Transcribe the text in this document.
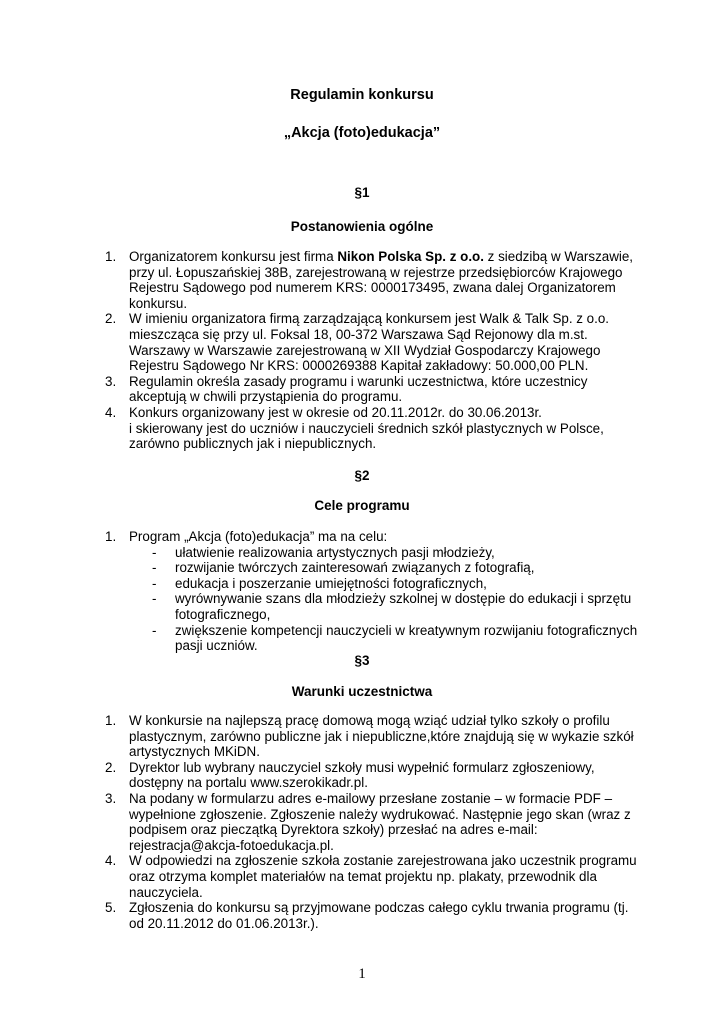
Regulamin konkursu
„Akcja (foto)edukacja”
§1
Postanowienia ogólne
1. Organizatorem konkursu jest firma Nikon Polska Sp. z o.o. z siedzibą w Warszawie,
przy ul. Łopuszańskiej 38B, zarejestrowaną w rejestrze przedsiębiorców Krajowego
Rejestru Sądowego pod numerem KRS: 0000173495, zwana dalej Organizatorem
konkursu.
2. W imieniu organizatora firmą zarządzającą konkursem jest Walk & Talk Sp. z o.o.
mieszcząca się przy ul. Foksal 18, 00-372 Warszawa Sąd Rejonowy dla m.st.
Warszawy w Warszawie zarejestrowaną w XII Wydział Gospodarczy Krajowego
Rejestru Sądowego Nr KRS: 0000269388 Kapitał zakładowy: 50.000,00 PLN.
3. Regulamin określa zasady programu i warunki uczestnictwa, które uczestnicy
akceptują w chwili przystąpienia do programu.
4. Konkurs organizowany jest w okresie od 20.11.2012r. do 30.06.2013r.
i skierowany jest do uczniów i nauczycieli średnich szkół plastycznych w Polsce,
zarówno publicznych jak i niepublicznych.
§2
Cele programu
1. Program „Akcja (foto)edukacja” ma na celu:
- ułatwienie realizowania artystycznych pasji młodzieży,
- rozwijanie twórczych zainteresowań związanych z fotografią,
- edukacja i poszerzanie umiejętności fotograficznych,
- wyrównywanie szans dla młodzieży szkolnej w dostępie do edukacji i sprzętu
fotograficznego,
- zwiększenie kompetencji nauczycieli w kreatywnym rozwijaniu fotograficznych
pasji uczniów.
§3
Warunki uczestnictwa
1. W konkursie na najlepszą pracę domową mogą wziąć udział tylko szkoły o profilu
plastycznym, zarówno publiczne jak i niepubliczne,które znajdują się w wykazie szkół
artystycznych MKiDN.
2. Dyrektor lub wybrany nauczyciel szkoły musi wypełnić formularz zgłoszeniowy,
dostępny na portalu www.szerokikadr.pl.
3. Na podany w formularzu adres e-mailowy przesłane zostanie – w formacie PDF –
wypełnione zgłoszenie. Zgłoszenie należy wydrukować. Następnie jego skan (wraz z
podpisem oraz pieczątką Dyrektora szkoły) przesłać na adres e-mail:
rejestracja@akcja-fotoedukacja.pl.
4. W odpowiedzi na zgłoszenie szkoła zostanie zarejestrowana jako uczestnik programu
oraz otrzyma komplet materiałów na temat projektu np. plakaty, przewodnik dla
nauczyciela.
5. Zgłoszenia do konkursu są przyjmowane podczas całego cyklu trwania programu (tj.
od 20.11.2012 do 01.06.2013r.).
1
